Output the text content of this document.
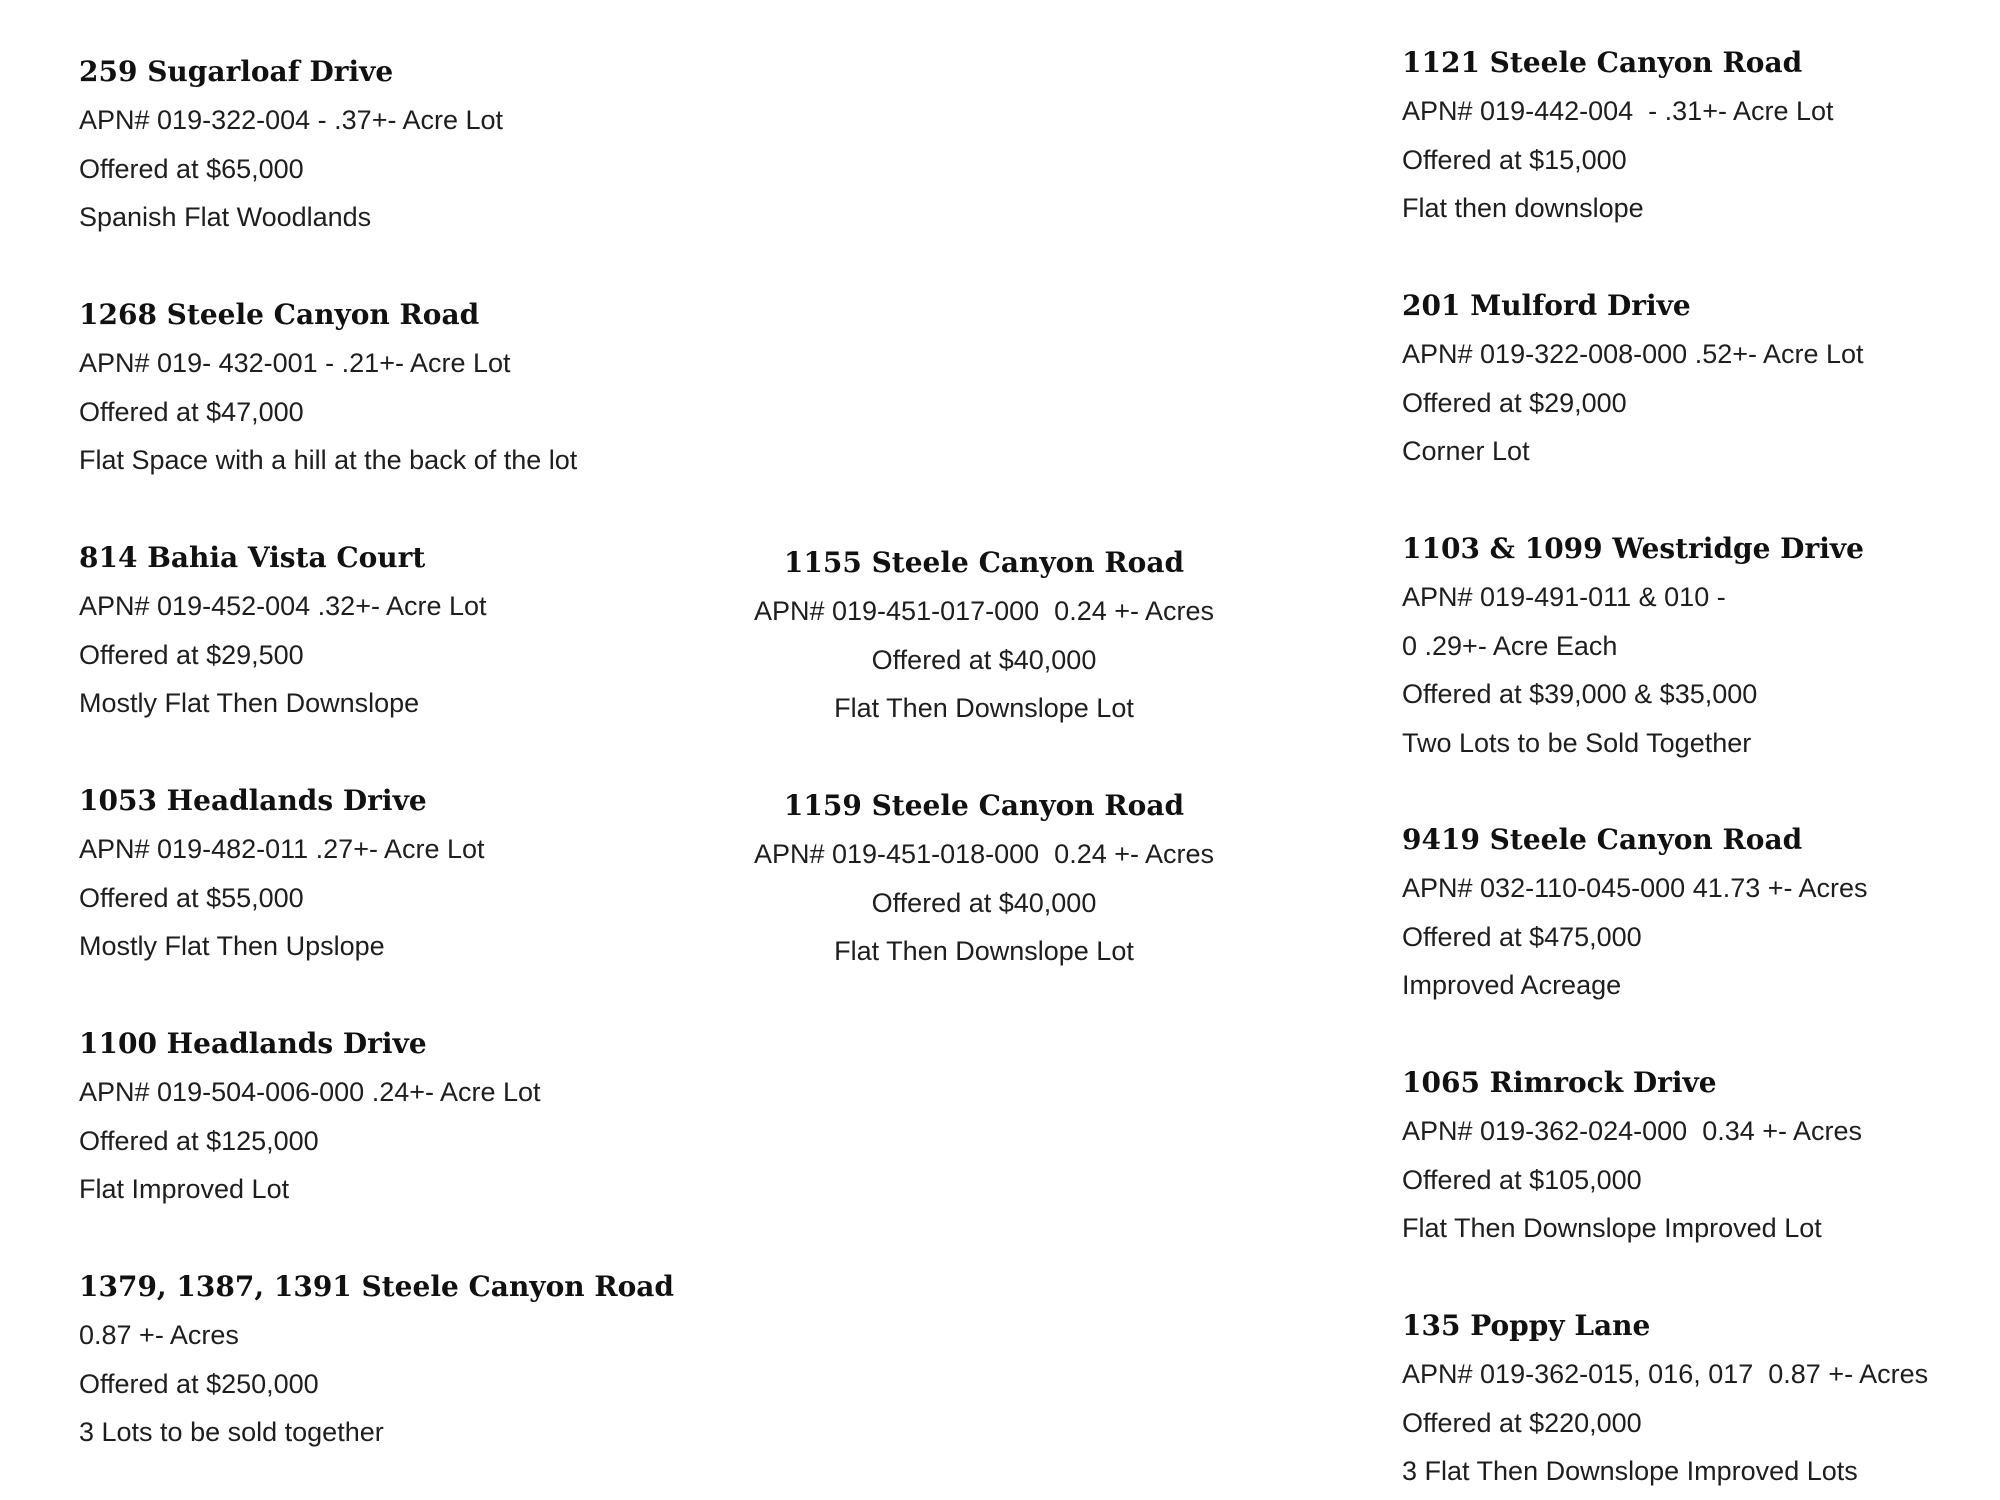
259 Sugarloaf Drive
APN# 019-322-004 - .37+- Acre Lot
Offered at $65,000
Spanish Flat Woodlands
1268 Steele Canyon Road
APN# 019- 432-001 - .21+- Acre Lot
Offered at $47,000
Flat Space with a hill at the back of the lot
814 Bahia Vista Court
APN# 019-452-004 .32+- Acre Lot
Offered at $29,500
Mostly Flat Then Downslope
1053 Headlands Drive
APN# 019-482-011 .27+- Acre Lot
Offered at $55,000
Mostly Flat Then Upslope
1100 Headlands Drive
APN# 019-504-006-000 .24+- Acre Lot
Offered at $125,000
Flat Improved Lot
1379, 1387, 1391 Steele Canyon Road
0.87 +- Acres
Offered at $250,000
3 Lots to be sold together
1155 Steele Canyon Road
APN# 019-451-017-000  0.24 +- Acres
Offered at $40,000
Flat Then Downslope Lot
1159 Steele Canyon Road
APN# 019-451-018-000  0.24 +- Acres
Offered at $40,000
Flat Then Downslope Lot
1121 Steele Canyon Road
APN# 019-442-004  - .31+- Acre Lot
Offered at $15,000
Flat then downslope
201 Mulford Drive
APN# 019-322-008-000 .52+- Acre Lot
Offered at $29,000
Corner Lot
1103 & 1099 Westridge Drive
APN# 019-491-011 & 010 -
0 .29+- Acre Each
Offered at $39,000 & $35,000
Two Lots to be Sold Together
9419 Steele Canyon Road
APN# 032-110-045-000 41.73 +- Acres
Offered at $475,000
Improved Acreage
1065 Rimrock Drive
APN# 019-362-024-000  0.34 +- Acres
Offered at $105,000
Flat Then Downslope Improved Lot
135 Poppy Lane
APN# 019-362-015, 016, 017  0.87 +- Acres
Offered at $220,000
3 Flat Then Downslope Improved Lots
